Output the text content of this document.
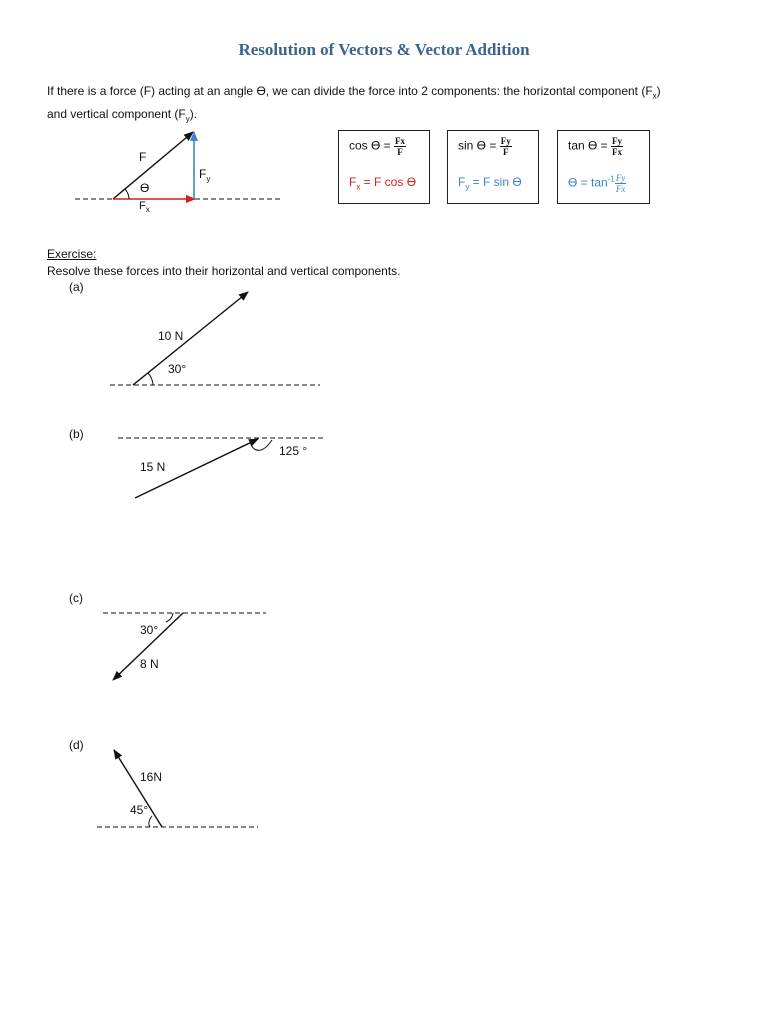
Resolution of Vectors & Vector Addition
If there is a force (F) acting at an angle ϴ, we can divide the force into 2 components: the horizontal component $(F_x)$
and vertical component $(F_y)$.
F
ϴ
$F_y$
$F_x$
$\cos ϴ = \frac{Fx}{F}$
$F_x = F$ cos ϴ
$\sin ϴ = \frac{Fy}{F}$
$F_y = F$ sin ϴ
$\tan ϴ = \frac{Fy}{Fx}$
$ϴ = \tan^{-1} \frac{Fy}{Fx}$
Exercise:
Resolve these forces into their horizontal and vertical components.
(a)
10 N
30°
(b)
15 N
125 °
(c)
30°
8 N
(d)
16N
45°
